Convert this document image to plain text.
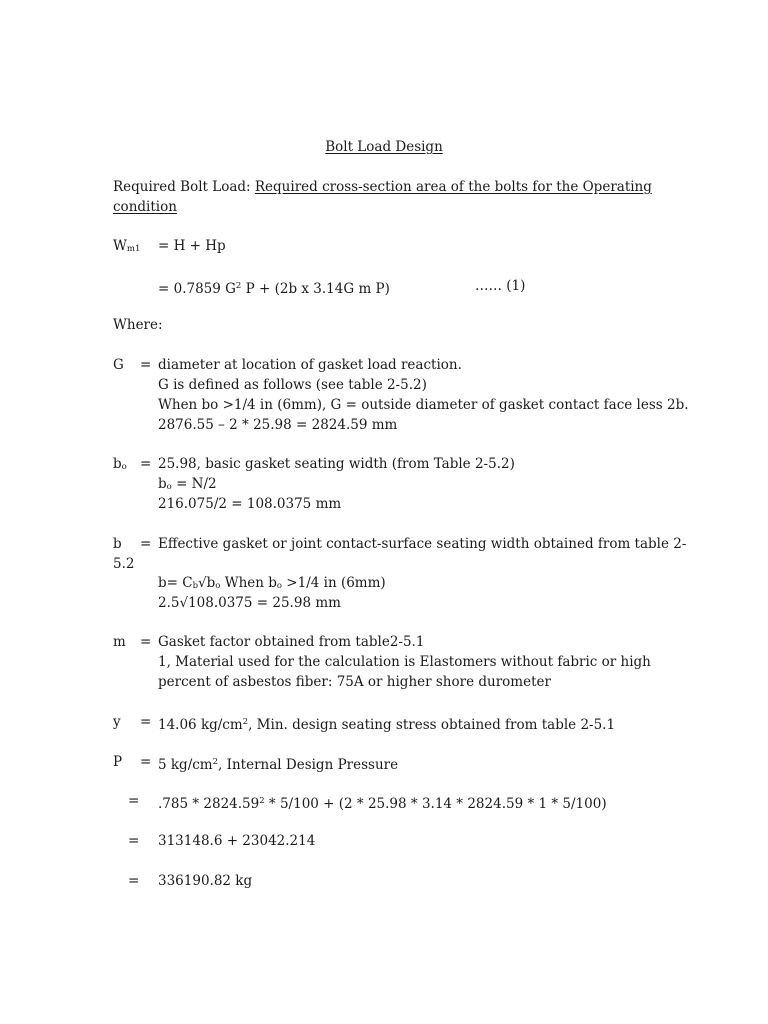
Bolt Load Design
Required Bolt Load: Required cross-section area of the bolts for the Operating
condition
Wm1 = H + Hp
= 0.7859 $G^2$ P + (2b x 3.14G m P)	…… (1)
Where:
G = diameter at location of gasket load reaction.
G is defined as follows (see table 2-5.2)
When bo >1/4 in (6mm), G = outside diameter of gasket contact face less 2b.
2876.55 – 2 * 25.98 = 2824.59 mm
bo = 25.98, basic gasket seating width (from Table 2-5.2)
bo = N/2
216.075/2 = 108.0375 mm
b = Effective gasket or joint contact-surface seating width obtained from table 2-
5.2
b= Cb√bo When bo >1/4 in (6mm)
2.5√108.0375 = 25.98 mm
m = Gasket factor obtained from table2-5.1
1, Material used for the calculation is Elastomers without fabric or high
percent of asbestos fiber: 75A or higher shore durometer
y = 14.06 $kg/cm^2$, Min. design seating stress obtained from table 2-5.1
P = 5 $kg/cm^2$, Internal Design Pressure
= .785 * 2824.59$^2$ * 5/100 + (2 * 25.98 * 3.14 * 2824.59 * 1 * 5/100)
= 313148.6 + 23042.214
= 336190.82 kg
